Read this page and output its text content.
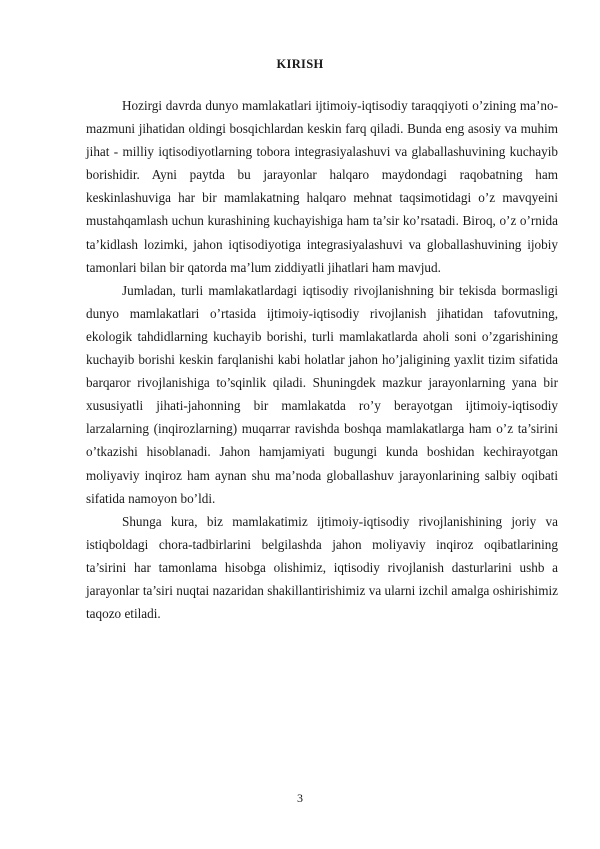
KIRISH

Hozirgi davrda dunyo mamlakatlari ijtimoiy-iqtisodiy taraqqiyoti o’zining ma’no-mazmuni jihatidan oldingi bosqichlardan keskin farq qiladi. Bunda eng asosiy va muhim jihat - milliy iqtisodiyotlarning tobora integrasiyalashuvi va glaballashuvining kuchayib borishidir. Ayni paytda bu jarayonlar halqaro maydondagi raqobatning ham keskinlashuviga har bir mamlakatning halqaro mehnat taqsimotidagi o’z mavqyeini mustahqamlash uchun kurashining kuchayishiga ham ta’sir ko’rsatadi. Biroq, o’z o’rnida ta’kidlash lozimki, jahon iqtisodiyotiga integrasiyalashuvi va globallashuvining ijobiy tamonlari bilan bir qatorda ma’lum ziddiyatli jihatlari ham mavjud.

Jumladan, turli mamlakatlardagi iqtisodiy rivojlanishning bir tekisda bormasligi dunyo mamlakatlari o’rtasida ijtimoiy-iqtisodiy rivojlanish jihatidan tafovutning, ekologik tahdidlarning kuchayib borishi, turli mamlakatlarda aholi soni o’zgarishining kuchayib borishi keskin farqlanishi kabi holatlar jahon ho’jaligining yaxlit tizim sifatida barqaror rivojlanishiga to’sqinlik qiladi. Shuningdek mazkur jarayonlarning yana bir xususiyatli jihati-jahonning bir mamlakatda ro’y berayotgan ijtimoiy-iqtisodiy larzalarning (inqirozlarning) muqarrar ravishda boshqa mamlakatlarga ham o’z ta’sirini o’tkazishi hisoblanadi. Jahon hamjamiyati bugungi kunda boshidan kechirayotgan moliyaviy inqiroz ham aynan shu ma’noda globallashuv jarayonlarining salbiy oqibati sifatida namoyon bo’ldi.

Shunga kura, biz mamlakatimiz ijtimoiy-iqtisodiy rivojlanishining joriy va istiqboldagi chora-tadbirlarini belgilashda jahon moliyaviy inqiroz oqibatlarining ta’sirini har tamonlama hisobga olishimiz, iqtisodiy rivojlanish dasturlarini ushb a jarayonlar ta’siri nuqtai nazaridan shakillantirishimiz va ularni izchil amalga oshirishimiz taqozo etiladi.

3
